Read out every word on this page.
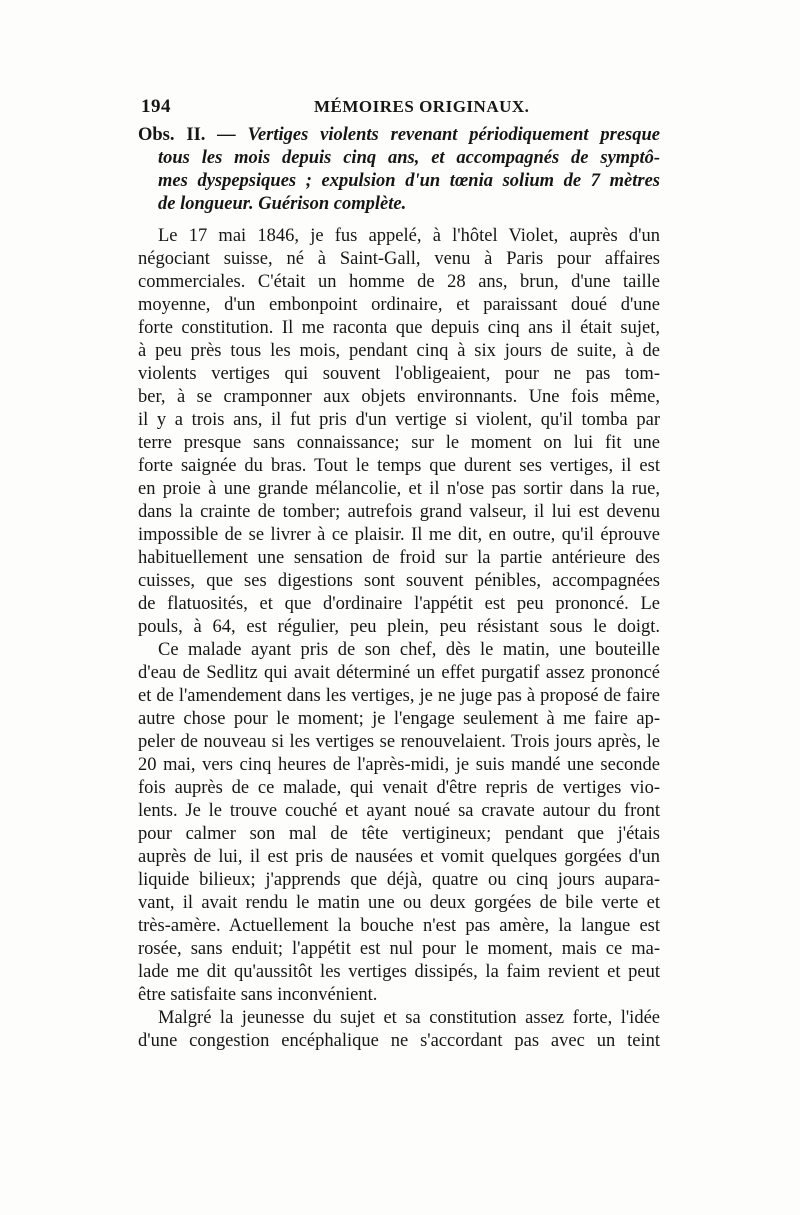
194	MÉMOIRES ORIGINAUX.
Obs. II. — Vertiges violents revenant périodiquement presque
tous les mois depuis cinq ans, et accompagnés de symptô-
mes dyspepsiques ; expulsion d'un tœnia solium de 7 mètres
de longueur. Guérison complète.
Le 17 mai 1846, je fus appelé, à l'hôtel Violet, auprès d'un
négociant suisse, né à Saint-Gall, venu à Paris pour affaires
commerciales. C'était un homme de 28 ans, brun, d'une taille
moyenne, d'un embonpoint ordinaire, et paraissant doué d'une
forte constitution. Il me raconta que depuis cinq ans il était sujet,
à peu près tous les mois, pendant cinq à six jours de suite, à de
violents vertiges qui souvent l'obligeaient, pour ne pas tom-
ber, à se cramponner aux objets environnants. Une fois même,
il y a trois ans, il fut pris d'un vertige si violent, qu'il tomba par
terre presque sans connaissance; sur le moment on lui fit une
forte saignée du bras. Tout le temps que durent ses vertiges, il est
en proie à une grande mélancolie, et il n'ose pas sortir dans la rue,
dans la crainte de tomber; autrefois grand valseur, il lui est devenu
impossible de se livrer à ce plaisir. Il me dit, en outre, qu'il éprouve
habituellement une sensation de froid sur la partie antérieure des
cuisses, que ses digestions sont souvent pénibles, accompagnées
de flatuosités, et que d'ordinaire l'appétit est peu prononcé. Le
pouls, à 64, est régulier, peu plein, peu résistant sous le doigt.
Ce malade ayant pris de son chef, dès le matin, une bouteille
d'eau de Sedlitz qui avait déterminé un effet purgatif assez prononcé
et de l'amendement dans les vertiges, je ne juge pas à proposé de faire
autre chose pour le moment; je l'engage seulement à me faire ap-
peler de nouveau si les vertiges se renouvelaient. Trois jours après, le
20 mai, vers cinq heures de l'après-midi, je suis mandé une seconde
fois auprès de ce malade, qui venait d'être repris de vertiges vio-
lents. Je le trouve couché et ayant noué sa cravate autour du front
pour calmer son mal de tête vertigineux; pendant que j'étais
auprès de lui, il est pris de nausées et vomit quelques gorgées d'un
liquide bilieux; j'apprends que déjà, quatre ou cinq jours aupara-
vant, il avait rendu le matin une ou deux gorgées de bile verte et
très-amère. Actuellement la bouche n'est pas amère, la langue est
rosée, sans enduit; l'appétit est nul pour le moment, mais ce ma-
lade me dit qu'aussitôt les vertiges dissipés, la faim revient et peut
être satisfaite sans inconvénient.
Malgré la jeunesse du sujet et sa constitution assez forte, l'idée
d'une congestion encéphalique ne s'accordant pas avec un teint
